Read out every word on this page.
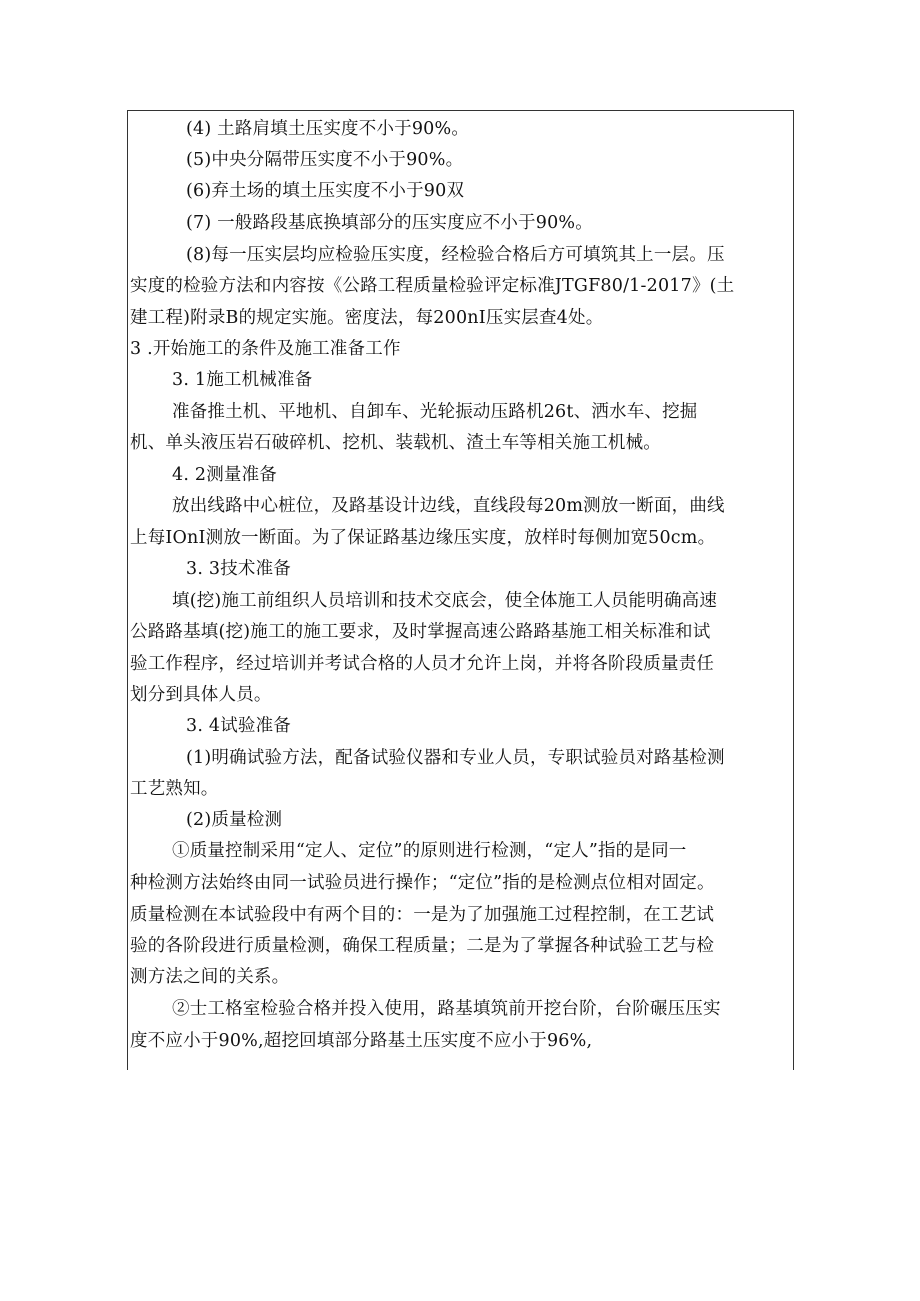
(4) 土路肩填土压实度不小于90%。
(5)中央分隔带压实度不小于90%。
(6)弃土场的填土压实度不小于90双
(7) 一般路段基底换填部分的压实度应不小于90%。
(8)每一压实层均应检验压实度，经检验合格后方可填筑其上一层。压
实度的检验方法和内容按《公路工程质量检验评定标准JTGF80/1-2017》(土
建工程)附录B的规定实施。密度法，每200nI压实层查4处。
3 .开始施工的条件及施工准备工作
3. 1施工机械准备
准备推土机、平地机、自卸车、光轮振动压路机26t、洒水车、挖掘
机、单头液压岩石破碎机、挖机、装载机、渣土车等相关施工机械。
4. 2测量准备
放出线路中心桩位，及路基设计边线，直线段每20m测放一断面，曲线
上每IOnI测放一断面。为了保证路基边缘压实度，放样时每侧加宽50cm。
3. 3技术准备
填(挖)施工前组织人员培训和技术交底会，使全体施工人员能明确高速
公路路基填(挖)施工的施工要求，及时掌握高速公路路基施工相关标准和试
验工作程序，经过培训并考试合格的人员才允许上岗，并将各阶段质量责任
划分到具体人员。
3. 4试验准备
(1)明确试验方法，配备试验仪器和专业人员，专职试验员对路基检测
工艺熟知。
(2)质量检测
①质量控制采用“定人、定位”的原则进行检测，“定人”指的是同一
种检测方法始终由同一试验员进行操作；“定位”指的是检测点位相对固定。
质量检测在本试验段中有两个目的：一是为了加强施工过程控制，在工艺试
验的各阶段进行质量检测，确保工程质量；二是为了掌握各种试验工艺与检
测方法之间的关系。
②士工格室检验合格并投入使用，路基填筑前开挖台阶，台阶碾压压实
度不应小于90%,超挖回填部分路基土压实度不应小于96%,
